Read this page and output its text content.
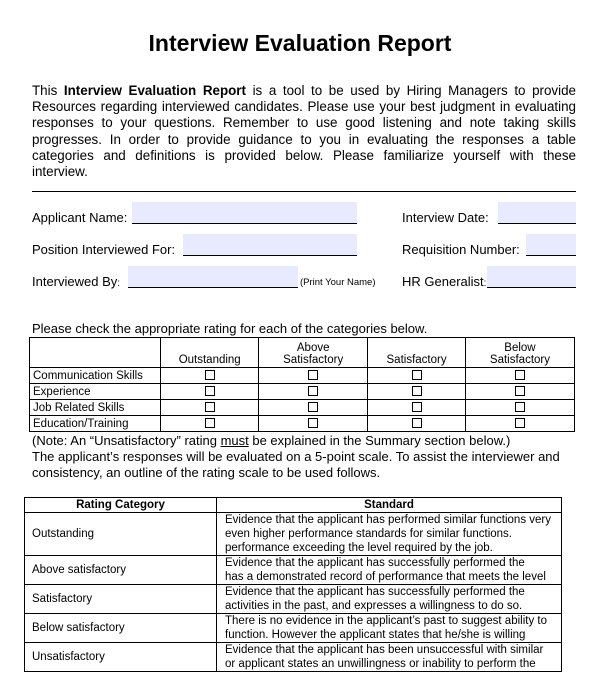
Interview Evaluation Report
This Interview Evaluation Report is a tool to be used by Hiring Managers to provide Resources regarding interviewed candidates. Please use your best judgment in evaluating responses to your questions. Remember to use good listening and note taking skills progresses. In order to provide guidance to you in evaluating the responses a table categories and definitions is provided below. Please familiarize yourself with these interview.
Applicant Name:
Position Interviewed For:
Interviewed By:	(Print Your Name)
Interview Date:
Requisition Number:
HR Generalist:
Please check the appropriate rating for each of the categories below.
	Outstanding	Above Satisfactory	Satisfactory	Below Satisfactory
Communication Skills				
Experience				
Job Related Skills				
Education/Training				
(Note: An “Unsatisfactory” rating must be explained in the Summary section below.)
The applicant’s responses will be evaluated on a 5-point scale. To assist the interviewer and consistency, an outline of the rating scale to be used follows.
Rating Category	Standard
Outstanding	Evidence that the applicant has performed similar functions very
even higher performance standards for similar functions.
performance exceeding the level required by the job.

Above satisfactory	Evidence that the applicant has successfully performed the
has a demonstrated record of performance that meets the level

Satisfactory	Evidence that the applicant has successfully performed the
activities in the past, and expresses a willingness to do so.

Below satisfactory	There is no evidence in the applicant’s past to suggest ability to
function. However the applicant states that he/she is willing

Unsatisfactory	Evidence that the applicant has been unsuccessful with similar
or applicant states an unwillingness or inability to perform the
